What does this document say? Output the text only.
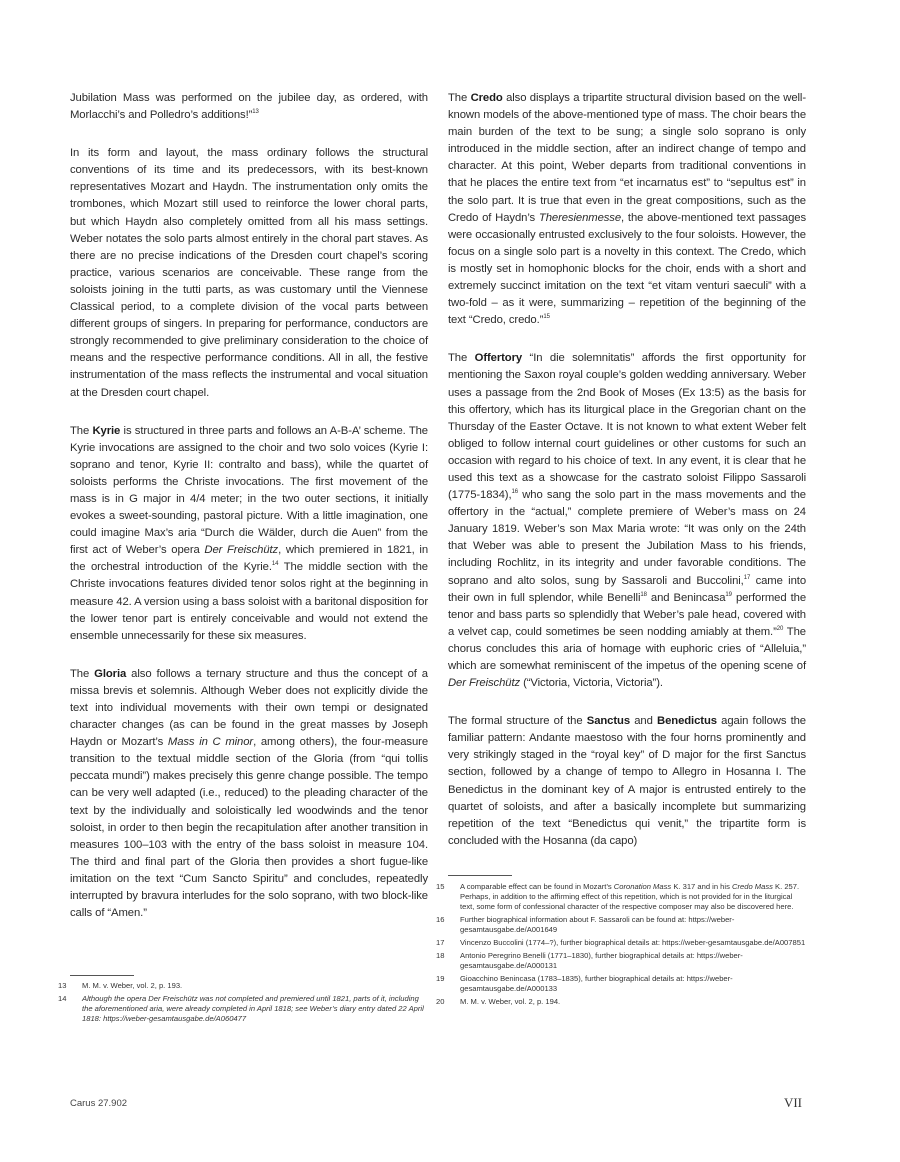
Jubilation Mass was performed on the jubilee day, as ordered, with Morlacchi’s and Polledro’s additions!”$^{13}$

In its form and layout, the mass ordinary follows the structural conventions of its time and its predecessors, with its best-known representatives Mozart and Haydn. The instrumentation only omits the trombones, which Mozart still used to reinforce the lower choral parts, but which Haydn also completely omitted from all his mass settings. Weber notates the solo parts almost entirely in the choral part staves. As there are no precise indications of the Dresden court chapel’s scoring practice, various scenarios are conceivable. These range from the soloists joining in the tutti parts, as was customary until the Viennese Classical period, to a complete division of the vocal parts between different groups of singers. In preparing for performance, conductors are strongly recommended to give preliminary consideration to the choice of means and the respective performance conditions. All in all, the festive instrumentation of the mass reflects the instrumental and vocal situation at the Dresden court chapel.

The Kyrie is structured in three parts and follows an A-B-A’ scheme. The Kyrie invocations are assigned to the choir and two solo voices (Kyrie I: soprano and tenor, Kyrie II: contralto and bass), while the quartet of soloists performs the Christe invocations. The first movement of the mass is in G major in 4/4 meter; in the two outer sections, it initially evokes a sweet-sounding, pastoral picture. With a little imagination, one could imagine Max’s aria “Durch die Wälder, durch die Auen” from the first act of Weber’s opera Der Freischütz, which premiered in 1821, in the orchestral introduction of the Kyrie.$^{14}$ The middle section with the Christe invocations features divided tenor solos right at the beginning in measure 42. A version using a bass soloist with a baritonal disposition for the lower tenor part is entirely conceivable and would not extend the ensemble unnecessarily for these six measures.

The Gloria also follows a ternary structure and thus the concept of a missa brevis et solemnis. Although Weber does not explicitly divide the text into individual movements with their own tempi or designated character changes (as can be found in the great masses by Joseph Haydn or Mozart’s Mass in C minor, among others), the four-measure transition to the textual middle section of the Gloria (from “qui tollis peccata mundi”) makes precisely this genre change possible. The tempo can be very well adapted (i.e., reduced) to the pleading character of the text by the individually and soloistically led woodwinds and the tenor soloist, in order to then begin the recapitulation after another transition in measures 100–103 with the entry of the bass soloist in measure 104. The third and final part of the Gloria then provides a short fugue-like imitation on the text “Cum Sancto Spiritu” and concludes, repeatedly interrupted by bravura interludes for the solo soprano, with two block-like calls of “Amen.”

The Credo also displays a tripartite structural division based on the well-known models of the above-mentioned type of mass. The choir bears the main burden of the text to be sung; a single solo soprano is only introduced in the middle section, after an indirect change of tempo and character. At this point, Weber departs from traditional conventions in that he places the entire text from “et incarnatus est” to “sepultus est” in the solo part. It is true that even in the great compositions, such as the Credo of Haydn’s Theresienmesse, the above-mentioned text passages were occasionally entrusted exclusively to the four soloists. However, the focus on a single solo part is a novelty in this context. The Credo, which is mostly set in homophonic blocks for the choir, ends with a short and extremely succinct imitation on the text “et vitam venturi saeculi” with a two-fold – as it were, summarizing – repetition of the beginning of the text “Credo, credo.”$^{15}$

The Offertory “In die solemnitatis” affords the first opportunity for mentioning the Saxon royal couple’s golden wedding anniversary. Weber uses a passage from the 2nd Book of Moses (Ex 13:5) as the basis for this offertory, which has its liturgical place in the Gregorian chant on the Thursday of the Easter Octave. It is not known to what extent Weber felt obliged to follow internal court guidelines or other customs for such an occasion with regard to his choice of text. In any event, it is clear that he used this text as a showcase for the castrato soloist Filippo Sassaroli (1775-1834),$^{16}$ who sang the solo part in the mass movements and the offertory in the “actual,” complete premiere of Weber’s mass on 24 January 1819. Weber’s son Max Maria wrote: “It was only on the 24th that Weber was able to present the Jubilation Mass to his friends, including Rochlitz, in its integrity and under favorable conditions. The soprano and alto solos, sung by Sassaroli and Buccolini,$^{17}$ came into their own in full splendor, while Benelli$^{18}$ and Benincasa$^{19}$ performed the tenor and bass parts so splendidly that Weber’s pale head, covered with a velvet cap, could sometimes be seen nodding amiably at them.”$^{20}$ The chorus concludes this aria of homage with euphoric cries of “Alleluia,” which are somewhat reminiscent of the impetus of the opening scene of Der Freischütz (“Victoria, Victoria, Victoria”).

The formal structure of the Sanctus and Benedictus again follows the familiar pattern: Andante maestoso with the four horns prominently and very strikingly staged in the “royal key” of D major for the first Sanctus section, followed by a change of tempo to Allegro in Hosanna I. The Benedictus in the dominant key of A major is entrusted entirely to the quartet of soloists, and after a basically incomplete but summarizing repetition of the text “Benedictus qui venit,” the tripartite form is concluded with the Hosanna (da capo)

13 M. M. v. Weber, vol. 2, p. 193.
14 Although the opera Der Freischütz was not completed and premiered until 1821, parts of it, including the aforementioned aria, were already completed in April 1818; see Weber’s diary entry dated 22 April 1818: https://weber-gesamtausgabe.de/A060477
15 A comparable effect can be found in Mozart’s Coronation Mass K. 317 and in his Credo Mass K. 257. Perhaps, in addition to the affirming effect of this repetition, which is not provided for in the liturgical text, some form of confessional character of the respective composer may also be discovered here.
16 Further biographical information about F. Sassaroli can be found at: https://weber-gesamtausgabe.de/A001649
17 Vincenzo Buccolini (1774–?), further biographical details at: https://weber-gesamtausgabe.de/A007851
18 Antonio Peregrino Benelli (1771–1830), further biographical details at: https://weber-gesamtausgabe.de/A000131
19 Gioacchino Benincasa (1783–1835), further biographical details at: https://weber-gesamtausgabe.de/A000133
20 M. M. v. Weber, vol. 2, p. 194.
Carus 27.902	VII
